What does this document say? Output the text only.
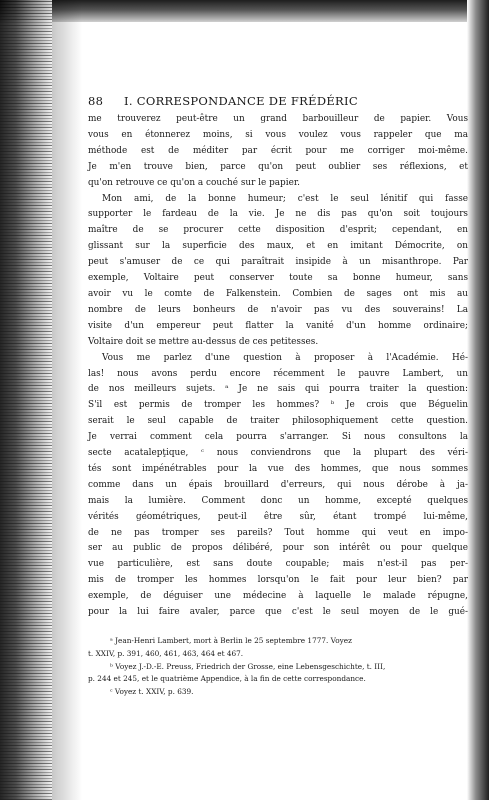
88 I. CORRESPONDANCE DE FRÉDÉRIC
me trouverez peut-être un grand barbouilleur de papier. Vous
vous en étonnerez moins, si vous voulez vous rappeler que ma
méthode est de méditer par écrit pour me corriger moi-même.
Je m'en trouve bien, parce qu'on peut oublier ses réflexions, et
qu'on retrouve ce qu'on a couché sur le papier.
Mon ami, de la bonne humeur; c'est le seul lénitif qui fasse
supporter le fardeau de la vie. Je ne dis pas qu'on soit toujours
maître de se procurer cette disposition d'esprit; cependant, en
glissant sur la superficie des maux, et en imitant Démocrite, on
peut s'amuser de ce qui paraîtrait insipide à un misanthrope. Par
exemple, Voltaire peut conserver toute sa bonne humeur, sans
avoir vu le comte de Falkenstein. Combien de sages ont mis au
nombre de leurs bonheurs de n'avoir pas vu des souverains! La
visite d'un empereur peut flatter la vanité d'un homme ordinaire;
Voltaire doit se mettre au-dessus de ces petitesses.
Vous me parlez d'une question à proposer à l'Académie. Hé-
las! nous avons perdu encore récemment le pauvre Lambert, un
de nos meilleurs sujets. ᵃ Je ne sais qui pourra traiter la question:
S'il est permis de tromper les hommes? ᵇ Je crois que Béguelin
serait le seul capable de traiter philosophiquement cette question.
Je verrai comment cela pourra s'arranger. Si nous consultons la
secte acatalepţique, ᶜ nous conviendrons que la plupart des véri-
tés sont impénétrables pour la vue des hommes, que nous sommes
comme dans un épais brouillard d'erreurs, qui nous dérobe à ja-
mais la lumière. Comment donc un homme, excepté quelques
vérités géométriques, peut-il être sûr, étant trompé lui-même,
de ne pas tromper ses pareils? Tout homme qui veut en impo-
ser au public de propos délibéré, pour son intérêt ou pour quelque
vue particulière, est sans doute coupable; mais n'est-il pas per-
mis de tromper les hommes lorsqu'on le fait pour leur bien? par
exemple, de déguiser une médecine à laquelle le malade répugne,
pour la lui faire avaler, parce que c'est le seul moyen de le gué-
ᵃ Jean-Henri Lambert, mort à Berlin le 25 septembre 1777. Voyez
t. XXIV, p. 391, 460, 461, 463, 464 et 467.
ᵇ Voyez J.-D.-E. Preuss, Friedrich der Grosse, eine Lebensgeschichte, t. III,
p. 244 et 245, et le quatrième Appendice, à la fin de cette correspondance.
ᶜ Voyez t. XXIV, p. 639.
